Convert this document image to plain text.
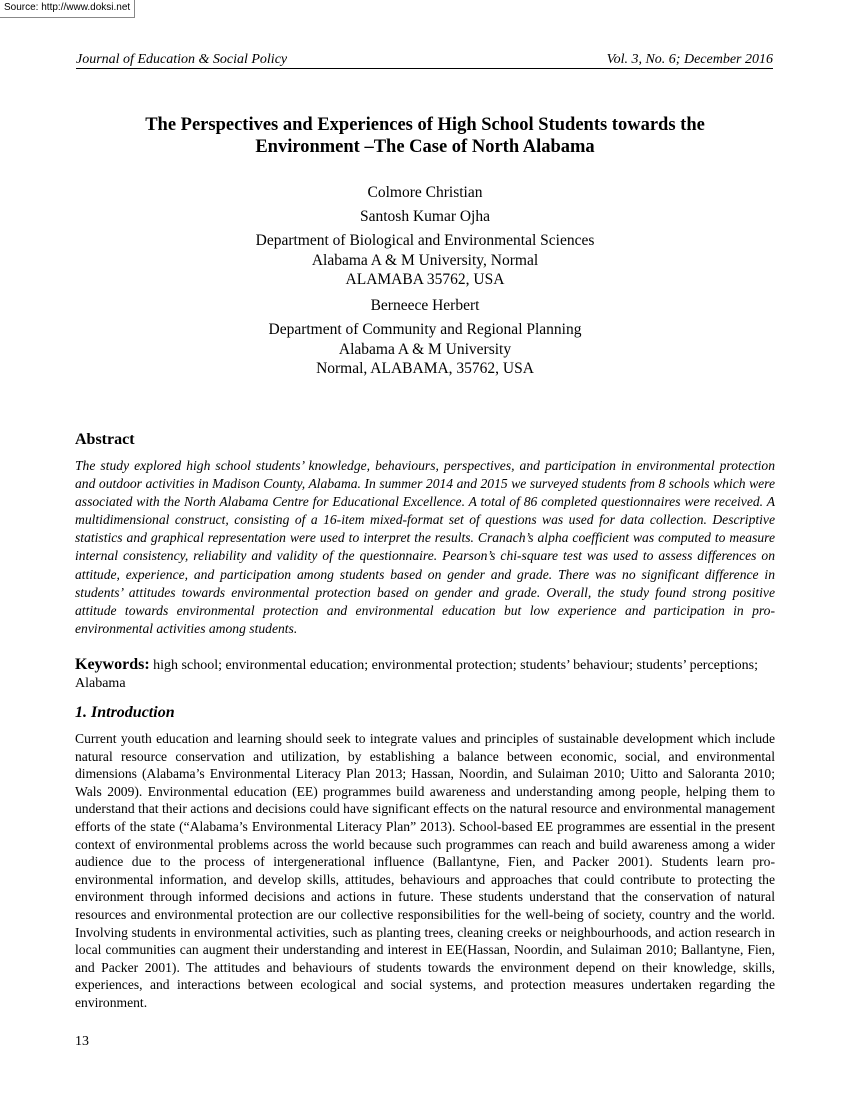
Source: http://www.doksi.net
Journal of Education & Social Policy	Vol. 3, No. 6; December 2016
The Perspectives and Experiences of High School Students towards the Environment –The Case of North Alabama
Colmore Christian
Santosh Kumar Ojha
Department of Biological and Environmental Sciences
Alabama A & M University, Normal
ALAMABA 35762, USA
Berneece Herbert
Department of Community and Regional Planning
Alabama A & M University
Normal, ALABAMA, 35762, USA
Abstract
The study explored high school students’ knowledge, behaviours, perspectives, and participation in environmental protection and outdoor activities in Madison County, Alabama. In summer 2014 and 2015 we surveyed students from 8 schools which were associated with the North Alabama Centre for Educational Excellence. A total of 86 completed questionnaires were received. A multidimensional construct, consisting of a 16-item mixed-format set of questions was used for data collection. Descriptive statistics and graphical representation were used to interpret the results. Cranach’s alpha coefficient was computed to measure internal consistency, reliability and validity of the questionnaire. Pearson’s chi-square test was used to assess differences on attitude, experience, and participation among students based on gender and grade. There was no significant difference in students’ attitudes towards environmental protection based on gender and grade. Overall, the study found strong positive attitude towards environmental protection and environmental education but low experience and participation in pro-environmental activities among students.
Keywords: high school; environmental education; environmental protection; students’ behaviour; students’ perceptions; Alabama
1. Introduction
Current youth education and learning should seek to integrate values and principles of sustainable development which include natural resource conservation and utilization, by establishing a balance between economic, social, and environmental dimensions (Alabama’s Environmental Literacy Plan 2013; Hassan, Noordin, and Sulaiman 2010; Uitto and Saloranta 2010; Wals 2009). Environmental education (EE) programmes build awareness and understanding among people, helping them to understand that their actions and decisions could have significant effects on the natural resource and environmental management efforts of the state (“Alabama’s Environmental Literacy Plan” 2013). School-based EE programmes are essential in the present context of environmental problems across the world because such programmes can reach and build awareness among a wider audience due to the process of intergenerational influence (Ballantyne, Fien, and Packer 2001). Students learn pro-environmental information, and develop skills, attitudes, behaviours and approaches that could contribute to protecting the environment through informed decisions and actions in future. These students understand that the conservation of natural resources and environmental protection are our collective responsibilities for the well-being of society, country and the world. Involving students in environmental activities, such as planting trees, cleaning creeks or neighbourhoods, and action research in local communities can augment their understanding and interest in EE(Hassan, Noordin, and Sulaiman 2010; Ballantyne, Fien, and Packer 2001). The attitudes and behaviours of students towards the environment depend on their knowledge, skills, experiences, and interactions between ecological and social systems, and protection measures undertaken regarding the environment.
13
